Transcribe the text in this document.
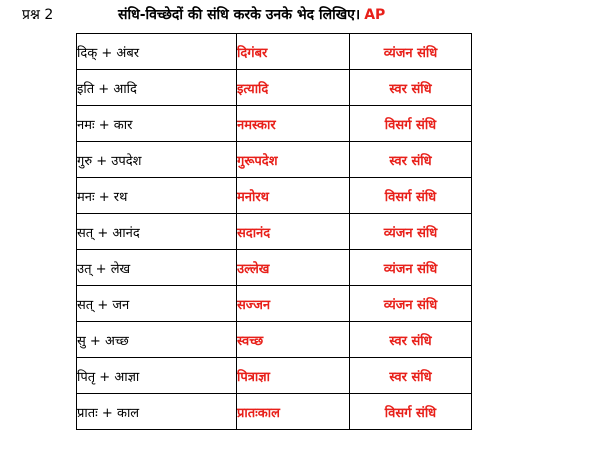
प्रश्न 2	संधि-विच्छेदों की संधि करके उनके भेद लिखिए। AP
दिक् + अंबर	दिगंबर	व्यंजन संधि
इति + आदि	इत्यादि	स्वर संधि
नमः + कार	नमस्कार	विसर्ग संधि
गुरु + उपदेश	गुरूपदेश	स्वर संधि
मनः + रथ	मनोरथ	विसर्ग संधि
सत् + आनंद	सदानंद	व्यंजन संधि
उत् + लेख	उल्लेख	व्यंजन संधि
सत् + जन	सज्जन	व्यंजन संधि
सु + अच्छ	स्वच्छ	स्वर संधि
पितृ + आज्ञा	पित्राज्ञा	स्वर संधि
प्रातः + काल	प्रातःकाल	विसर्ग संधि
